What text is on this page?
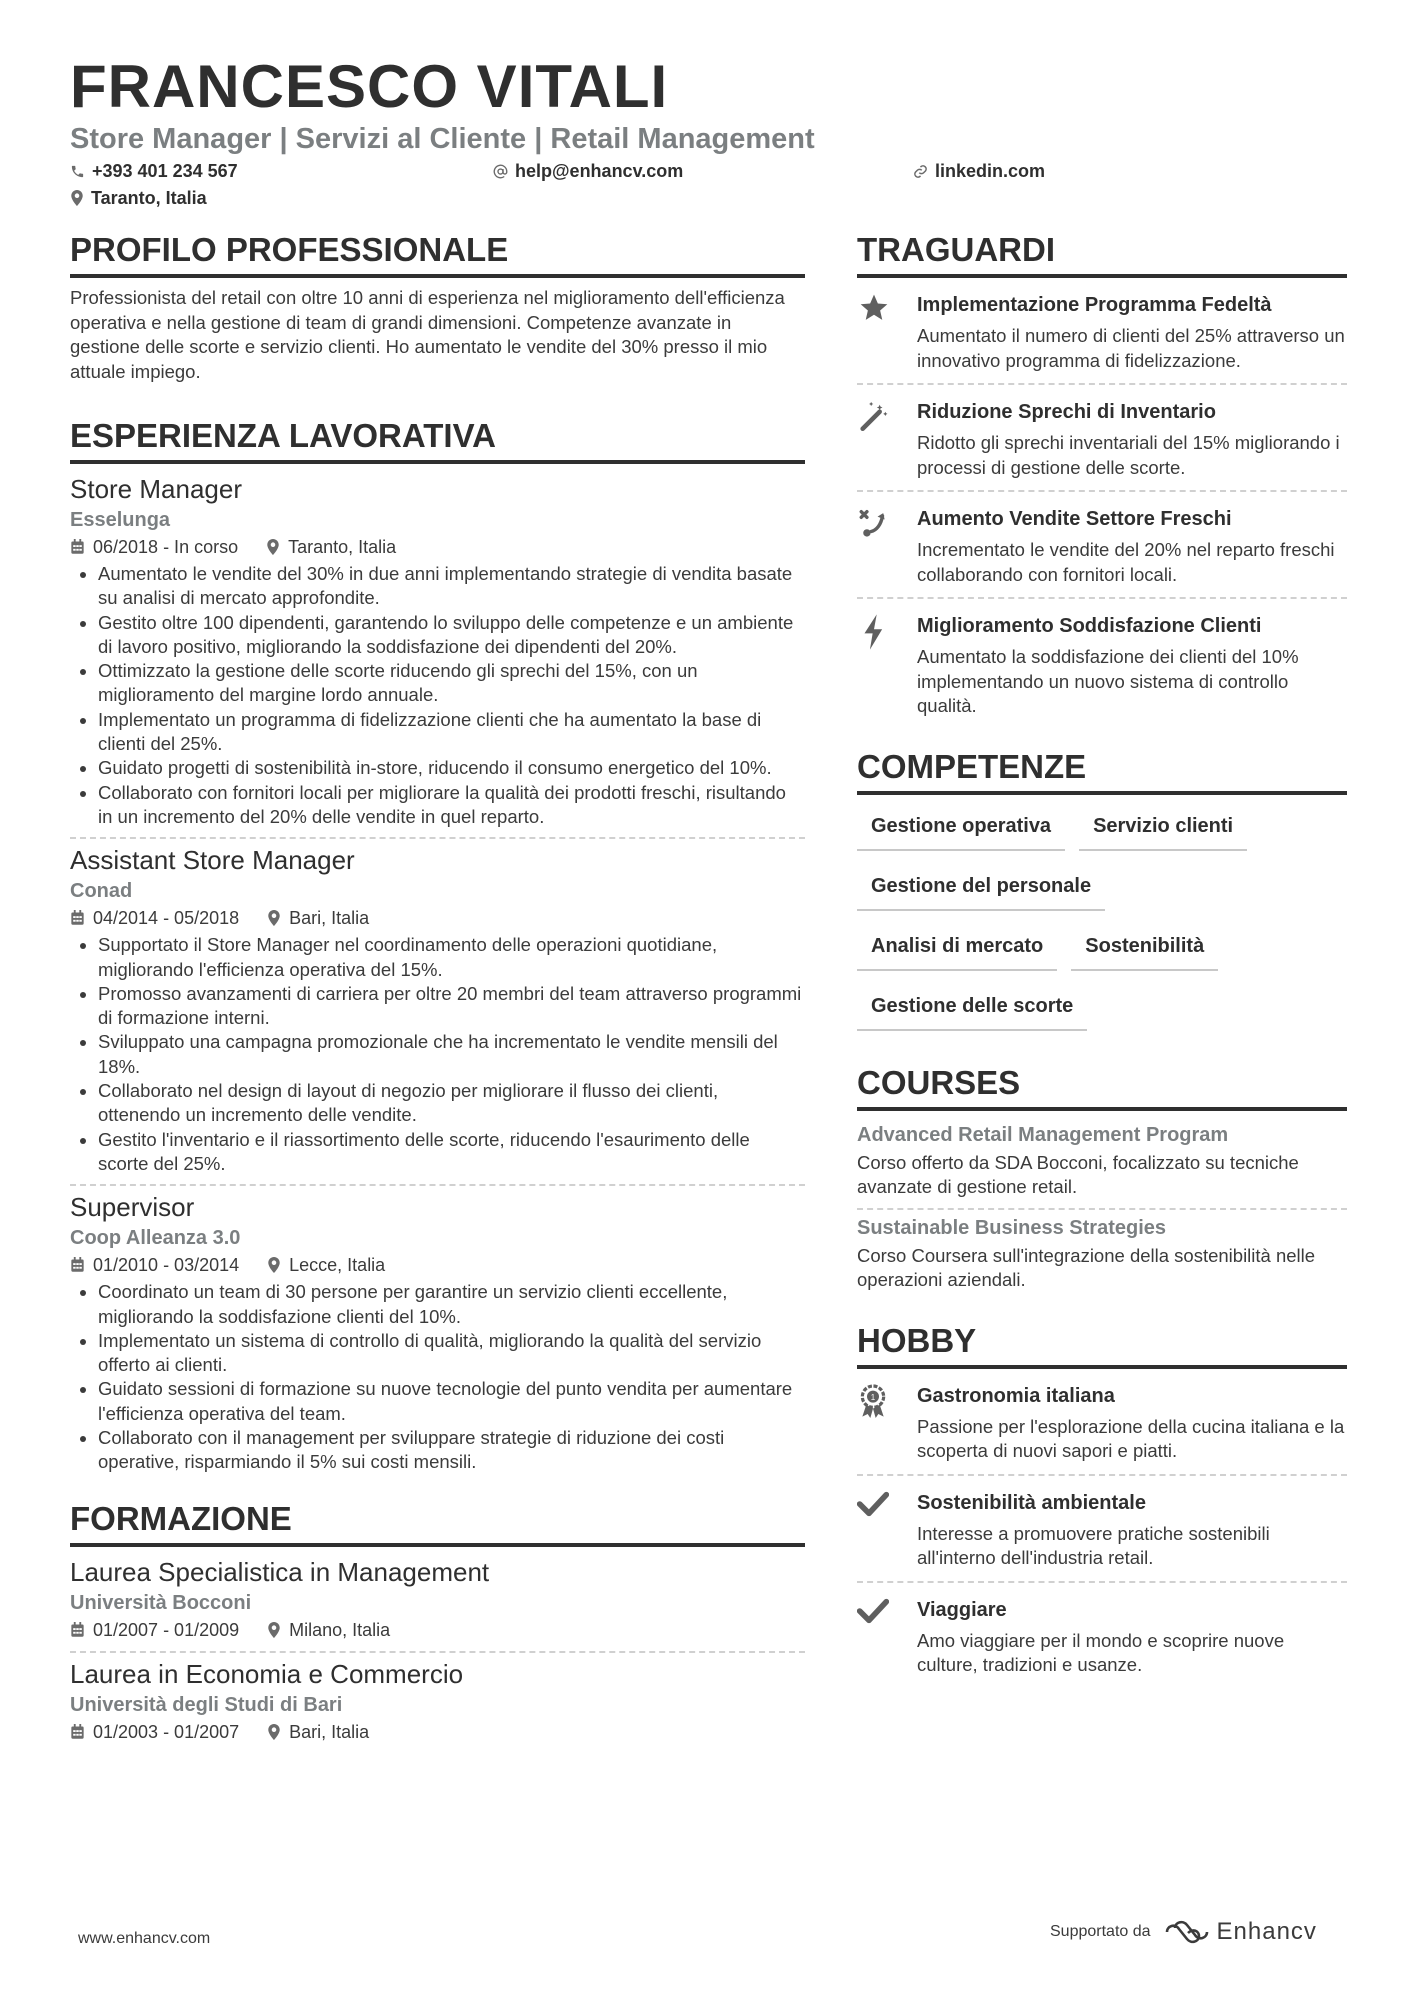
FRANCESCO VITALI
Store Manager | Servizi al Cliente | Retail Management
+393 401 234 567	help@enhancv.com	linkedin.com
Taranto, Italia
PROFILO PROFESSIONALE
Professionista del retail con oltre 10 anni di esperienza nel miglioramento dell'efficienza operativa e nella gestione di team di grandi dimensioni. Competenze avanzate in gestione delle scorte e servizio clienti. Ho aumentato le vendite del 30% presso il mio attuale impiego.
ESPERIENZA LAVORATIVA
Store Manager
Esselunga
06/2018 - In corso	Taranto, Italia
• Aumentato le vendite del 30% in due anni implementando strategie di vendita basate su analisi di mercato approfondite.
• Gestito oltre 100 dipendenti, garantendo lo sviluppo delle competenze e un ambiente di lavoro positivo, migliorando la soddisfazione dei dipendenti del 20%.
• Ottimizzato la gestione delle scorte riducendo gli sprechi del 15%, con un miglioramento del margine lordo annuale.
• Implementato un programma di fidelizzazione clienti che ha aumentato la base di clienti del 25%.
• Guidato progetti di sostenibilità in-store, riducendo il consumo energetico del 10%.
• Collaborato con fornitori locali per migliorare la qualità dei prodotti freschi, risultando in un incremento del 20% delle vendite in quel reparto.
Assistant Store Manager
Conad
04/2014 - 05/2018	Bari, Italia
• Supportato il Store Manager nel coordinamento delle operazioni quotidiane, migliorando l'efficienza operativa del 15%.
• Promosso avanzamenti di carriera per oltre 20 membri del team attraverso programmi di formazione interni.
• Sviluppato una campagna promozionale che ha incrementato le vendite mensili del 18%.
• Collaborato nel design di layout di negozio per migliorare il flusso dei clienti, ottenendo un incremento delle vendite.
• Gestito l'inventario e il riassortimento delle scorte, riducendo l'esaurimento delle scorte del 25%.
Supervisor
Coop Alleanza 3.0
01/2010 - 03/2014	Lecce, Italia
• Coordinato un team di 30 persone per garantire un servizio clienti eccellente, migliorando la soddisfazione clienti del 10%.
• Implementato un sistema di controllo di qualità, migliorando la qualità del servizio offerto ai clienti.
• Guidato sessioni di formazione su nuove tecnologie del punto vendita per aumentare l'efficienza operativa del team.
• Collaborato con il management per sviluppare strategie di riduzione dei costi operative, risparmiando il 5% sui costi mensili.
FORMAZIONE
Laurea Specialistica in Management
Università Bocconi
01/2007 - 01/2009	Milano, Italia
Laurea in Economia e Commercio
Università degli Studi di Bari
01/2003 - 01/2007	Bari, Italia
TRAGUARDI
Implementazione Programma Fedeltà
Aumentato il numero di clienti del 25% attraverso un innovativo programma di fidelizzazione.
Riduzione Sprechi di Inventario
Ridotto gli sprechi inventariali del 15% migliorando i processi di gestione delle scorte.
Aumento Vendite Settore Freschi
Incrementato le vendite del 20% nel reparto freschi collaborando con fornitori locali.
Miglioramento Soddisfazione Clienti
Aumentato la soddisfazione dei clienti del 10% implementando un nuovo sistema di controllo qualità.
COMPETENZE
Gestione operativa	Servizio clienti
Gestione del personale
Analisi di mercato	Sostenibilità
Gestione delle scorte
COURSES
Advanced Retail Management Program
Corso offerto da SDA Bocconi, focalizzato su tecniche avanzate di gestione retail.
Sustainable Business Strategies
Corso Coursera sull'integrazione della sostenibilità nelle operazioni aziendali.
HOBBY
1 Gastronomia italiana
Passione per l'esplorazione della cucina italiana e la scoperta di nuovi sapori e piatti.
Sostenibilità ambientale
Interesse a promuovere pratiche sostenibili all'interno dell'industria retail.
Viaggiare
Amo viaggiare per il mondo e scoprire nuove culture, tradizioni e usanze.
www.enhancv.com	Supportato da	Enhancv
